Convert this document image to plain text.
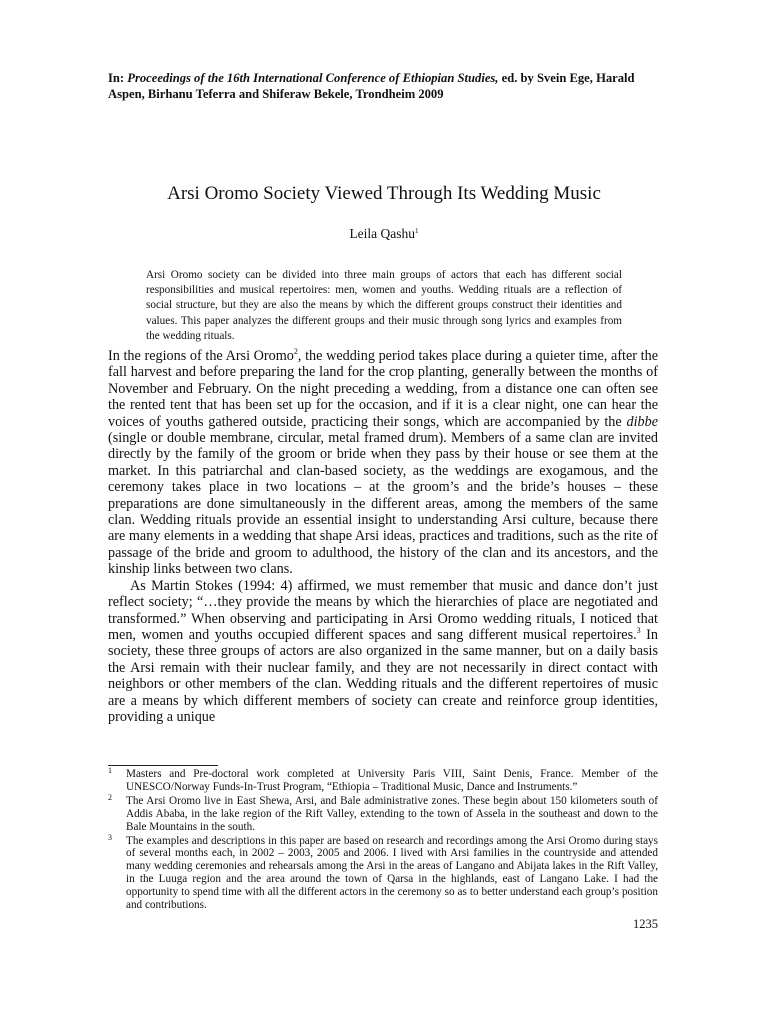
In: Proceedings of the 16th International Conference of Ethiopian Studies, ed. by Svein Ege, Harald Aspen, Birhanu Teferra and Shiferaw Bekele, Trondheim 2009
Arsi Oromo Society Viewed Through Its Wedding Music
Leila Qashu$^1$

Arsi Oromo society can be divided into three main groups of actors that each has different social responsibilities and musical repertoires: men, women and youths. Wedding rituals are a reflection of social structure, but they are also the means by which the different groups construct their identities and values. This paper analyzes the different groups and their music through song lyrics and examples from the wedding rituals.

In the regions of the Arsi Oromo$^2$, the wedding period takes place during a quieter time, after the fall harvest and before preparing the land for the crop planting, generally between the months of November and February. On the night preceding a wedding, from a distance one can often see the rented tent that has been set up for the occasion, and if it is a clear night, one can hear the voices of youths gathered outside, practicing their songs, which are accompanied by the dibbe (single or double membrane, circular, metal framed drum). Members of a same clan are invited directly by the family of the groom or bride when they pass by their house or see them at the market. In this patriarchal and clan-based society, as the weddings are exogamous, and the ceremony takes place in two locations – at the groom’s and the bride’s houses – these preparations are done simultaneously in the different areas, among the members of the same clan. Wedding rituals provide an essential insight to understanding Arsi culture, because there are many elements in a wedding that shape Arsi ideas, practices and traditions, such as the rite of passage of the bride and groom to adulthood, the history of the clan and its ancestors, and the kinship links between two clans.

As Martin Stokes (1994: 4) affirmed, we must remember that music and dance don’t just reflect society; “…they provide the means by which the hierarchies of place are negotiated and transformed.” When observing and participating in Arsi Oromo wedding rituals, I noticed that men, women and youths occupied different spaces and sang different musical repertoires.$^3$ In society, these three groups of actors are also organized in the same manner, but on a daily basis the Arsi remain with their nuclear family, and they are not necessarily in direct contact with neighbors or other members of the clan. Wedding rituals and the different repertoires of music are a means by which different members of society can create and reinforce group identities, providing a unique

1 Masters and Pre-doctoral work completed at University Paris VIII, Saint Denis, France. Member of the UNESCO/Norway Funds-In-Trust Program, “Ethiopia – Traditional Music, Dance and Instruments.”
2 The Arsi Oromo live in East Shewa, Arsi, and Bale administrative zones. These begin about 150 kilometers south of Addis Ababa, in the lake region of the Rift Valley, extending to the town of Assela in the southeast and down to the Bale Mountains in the south.
3 The examples and descriptions in this paper are based on research and recordings among the Arsi Oromo during stays of several months each, in 2002 – 2003, 2005 and 2006. I lived with Arsi families in the countryside and attended many wedding ceremonies and rehearsals among the Arsi in the areas of Langano and Abijata lakes in the Rift Valley, in the Luuga region and the area around the town of Qarsa in the highlands, east of Langano Lake. I had the opportunity to spend time with all the different actors in the ceremony so as to better understand each group’s position and contributions.
1235
